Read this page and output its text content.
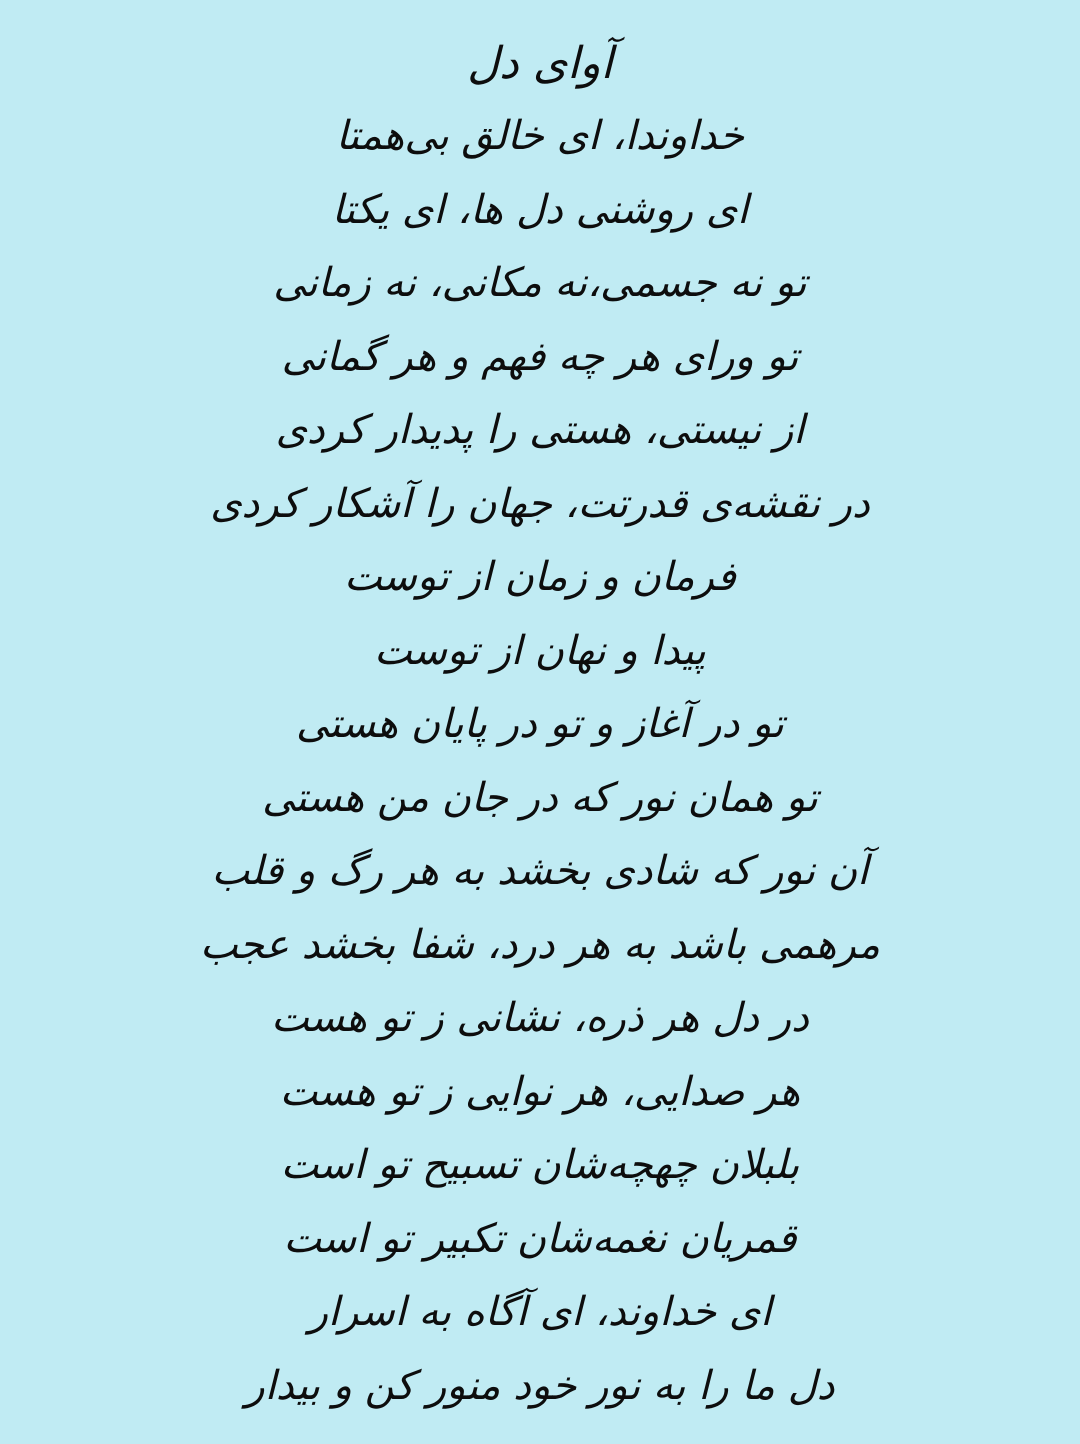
آوای دل

خداوندا، ای خالق بی‌همتا

ای روشنی دل ها، ای یکتا

تو نه جسمی،نه مکانی، نه زمانی

تو ورای هر چه فهم و هر گمانی

از نیستی، هستی را پدیدار کردی

در نقشه‌ی قدرتت، جهان را آشکار کردی

فرمان و زمان از توست

پیدا و نهان از توست

تو در آغاز و تو در پایان هستی

تو همان نور که در جان من هستی

آن نور که شادی بخشد به هر رگ و قلب

مرهمی باشد به هر درد، شفا بخشد عجب

در دل هر ذره، نشانی ز تو هست

هر صدایی، هر نوایی ز تو هست

بلبلان چهچه‌شان تسبیح تو است

قمریان نغمه‌شان تکبیر تو است

ای خداوند، ای آگاه به اسرار

دل ما را به نور خود منور کن و بیدار
